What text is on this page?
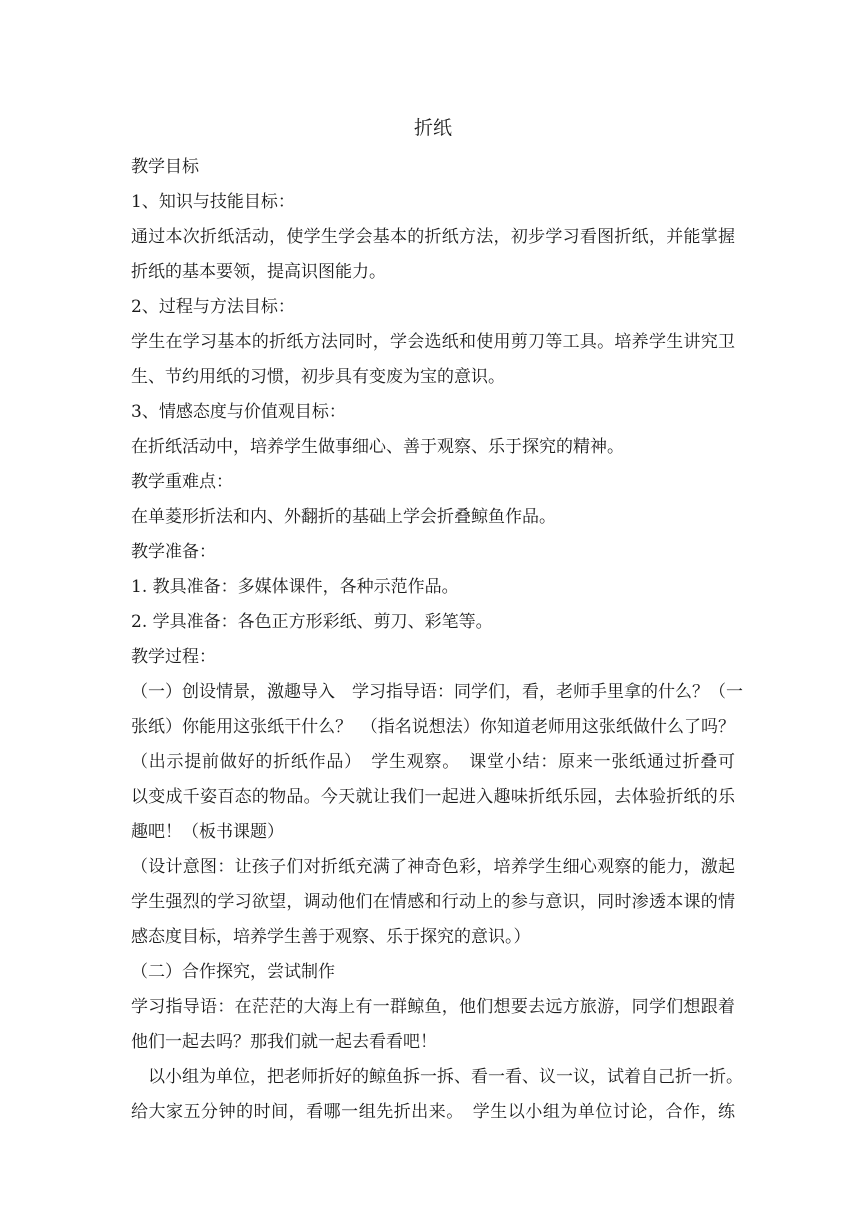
折纸
教学目标
1、知识与技能目标：
通过本次折纸活动，使学生学会基本的折纸方法，初步学习看图折纸，并能掌握
折纸的基本要领，提高识图能力。
2、过程与方法目标：
学生在学习基本的折纸方法同时，学会选纸和使用剪刀等工具。培养学生讲究卫
生、节约用纸的习惯，初步具有变废为宝的意识。
3、情感态度与价值观目标：
在折纸活动中，培养学生做事细心、善于观察、乐于探究的精神。
教学重难点：
在单菱形折法和内、外翻折的基础上学会折叠鲸鱼作品。
教学准备：
1. 教具准备：多媒体课件，各种示范作品。
2. 学具准备：各色正方形彩纸、剪刀、彩笔等。
教学过程：
（一）创设情景，激趣导入　学习指导语：同学们，看，老师手里拿的什么？（一
张纸）你能用这张纸干什么？　（指名说想法）你知道老师用这张纸做什么了吗？
（出示提前做好的折纸作品）　学生观察。　课堂小结：原来一张纸通过折叠可
以变成千姿百态的物品。今天就让我们一起进入趣味折纸乐园，去体验折纸的乐
趣吧！（板书课题）
（设计意图：让孩子们对折纸充满了神奇色彩，培养学生细心观察的能力，激起
学生强烈的学习欲望，调动他们在情感和行动上的参与意识，同时渗透本课的情
感态度目标，培养学生善于观察、乐于探究的意识。）
（二）合作探究，尝试制作
学习指导语：在茫茫的大海上有一群鲸鱼，他们想要去远方旅游，同学们想跟着
他们一起去吗？那我们就一起去看看吧！
　以小组为单位，把老师折好的鲸鱼拆一拆、看一看、议一议，试着自己折一折。
给大家五分钟的时间，看哪一组先折出来。　学生以小组为单位讨论，合作，练
